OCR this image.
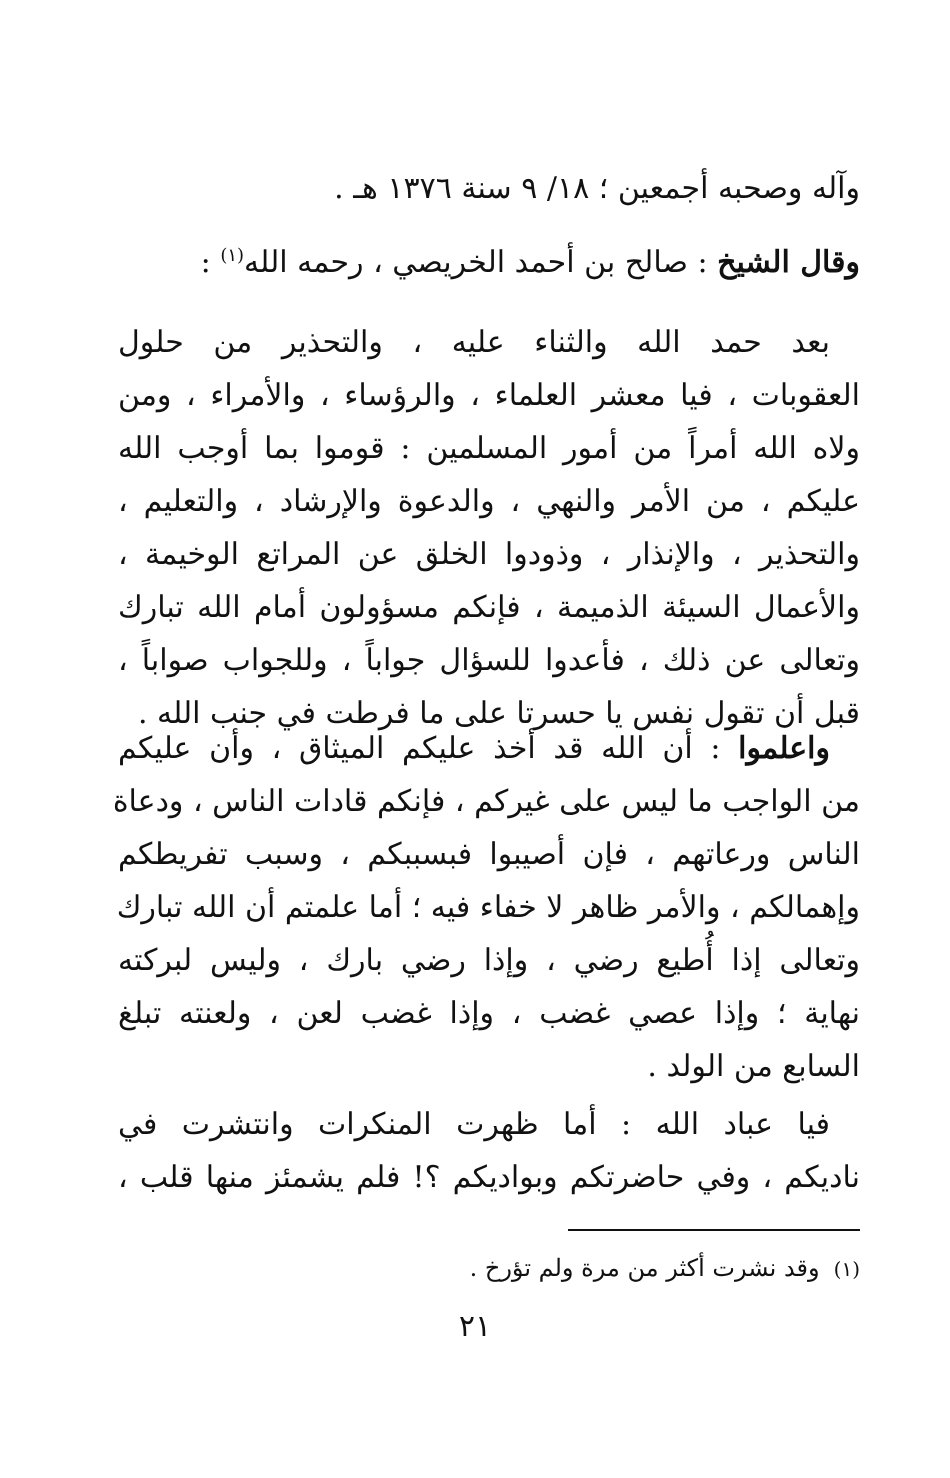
وآله وصحبه أجمعين ؛ ١٨/ ٩ سنة ١٣٧٦ هـ .
وقال الشيخ : صالح بن أحمد الخريصي ، رحمه الله$^{(١)}$ :
بعد حمد الله والثناء عليه ، والتحذير من حلول
العقوبات ، فيا معشر العلماء ، والرؤساء ، والأمراء ، ومن
ولاه الله أمراً من أمور المسلمين : قوموا بما أوجب الله
عليكم ، من الأمر والنهي ، والدعوة والإرشاد ، والتعليم ،
والتحذير ، والإنذار ، وذودوا الخلق عن المراتع الوخيمة ،
والأعمال السيئة الذميمة ، فإنكم مسؤولون أمام الله تبارك
وتعالى عن ذلك ، فأعدوا للسؤال جواباً ، وللجواب صواباً ،
قبل أن تقول نفس يا حسرتا على ما فرطت في جنب الله .
واعلموا : أن الله قد أخذ عليكم الميثاق ، وأن عليكم
من الواجب ما ليس على غيركم ، فإنكم قادات الناس ، ودعاة
الناس ورعاتهم ، فإن أصيبوا فبسببكم ، وسبب تفريطكم
وإهمالكم ، والأمر ظاهر لا خفاء فيه ؛ أما علمتم أن الله تبارك
وتعالى إذا أُطيع رضي ، وإذا رضي بارك ، وليس لبركته
نهاية ؛ وإذا عصي غضب ، وإذا غضب لعن ، ولعنته تبلغ
السابع من الولد .
فيا عباد الله : أما ظهرت المنكرات وانتشرت في
ناديكم ، وفي حاضرتكم وبواديكم ؟! فلم يشمئز منها قلب ،
(١)وقد نشرت أكثر من مرة ولم تؤرخ .
٢١
